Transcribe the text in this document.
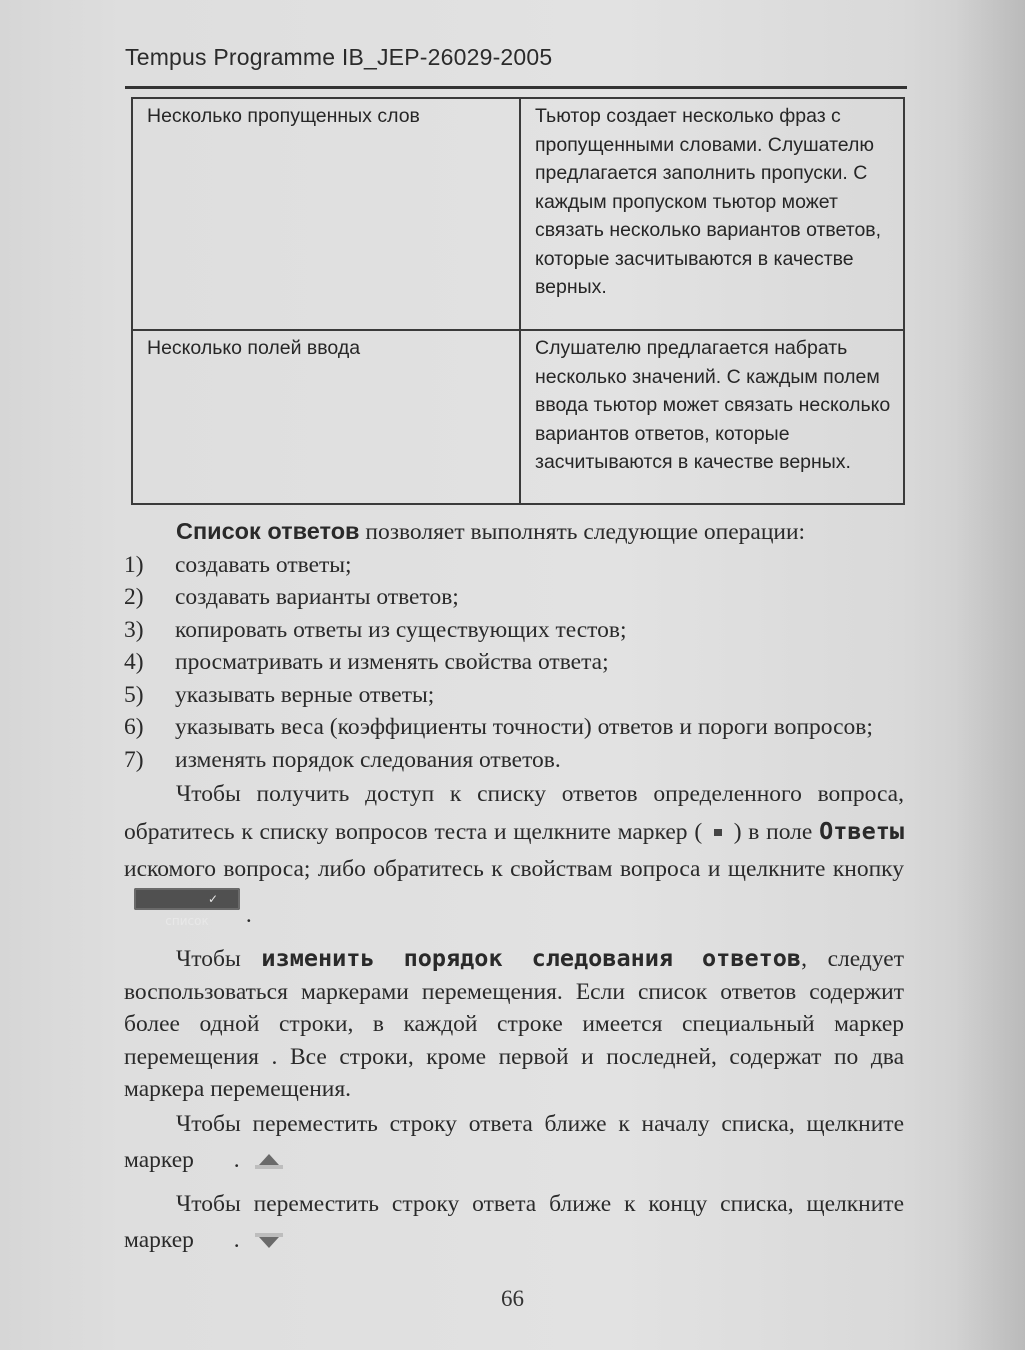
Tempus Programme IB_JEP-26029-2005
Несколько пропущенных слов	Тьютор создает несколько фраз с пропущенными словами. Слушателю предлагается заполнить пропуски. С каждым пропуском тьютор может связать несколько вариантов ответов, которые засчитываются в качестве верных.
Несколько полей ввода	Слушателю предлагается набрать несколько значений. С каждым полем ввода тьютор может связать несколько вариантов ответов, которые засчитываются в качестве верных.

Список ответов позволяет выполнять следующие операции:

1) создавать ответы;
2) создавать варианты ответов;
3) копировать ответы из существующих тестов;
4) просматривать и изменять свойства ответа;
5) указывать верные ответы;
6) указывать веса (коэффициенты точности) ответов и пороги вопросов;
7) изменять порядок следования ответов.

Чтобы получить доступ к списку ответов определенного вопроса, обратитесь к списку вопросов теста и щелкните маркер ( ) в поле Ответы искомого вопроса; либо обратитесь к свойствам вопроса и щелкните кнопку✓ список .

Чтобы изменить порядок следования ответов, следует воспользоваться маркерами перемещения. Если список ответов содержит более одной строки, в каждой строке имеется специальный маркер перемещения . Все строки, кроме первой и последней, содержат по два маркера перемещения.

Чтобы переместить строку ответа ближе к началу списка, щелкните маркер .

Чтобы переместить строку ответа ближе к концу списка, щелкните маркер .

66
